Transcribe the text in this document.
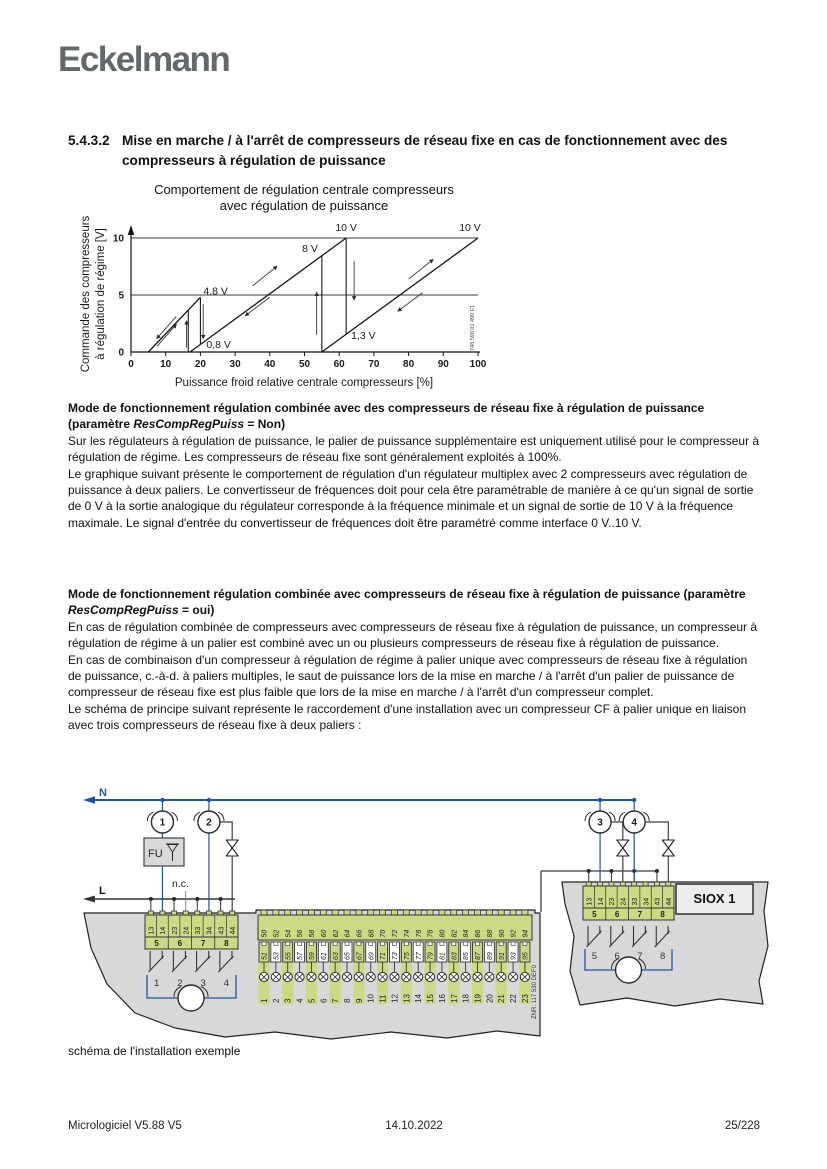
Eckelmann
5.4.3.2 Mise en marche / à l'arrêt de compresseurs de réseau fixe en cas de fonctionnement avec des compresseurs à régulation de puissance
Comportement de régulation centrale compresseurs
avec régulation de puissance
0	10 20 30 40 50 60 70 80 90 100
0
5
10
Puissance froid relative centrale compresseurs [%]
Commande des compresseurs à régulation de régime [V]
10 V	10 V
8 V
4.8 V
0,8 V
1,3 V	748 590 01 490 F1

Mode de fonctionnement régulation combinée avec des compresseurs de réseau fixe à régulation de puissance (paramètre ResCompRegPuiss = Non)

Sur les régulateurs à régulation de puissance, le palier de puissance supplémentaire est uniquement utilisé pour le compresseur à régulation de régime. Les compresseurs de réseau fixe sont généralement exploités à 100%.

Le graphique suivant présente le comportement de régulation d'un régulateur multiplex avec 2 compresseurs avec régulation de puissance à deux paliers. Le convertisseur de fréquences doit pour cela être paramétrable de manière à ce qu'un signal de sortie de 0 V à la sortie analogique du régulateur corresponde à la fréquence minimale et un signal de sortie de 10 V à la fréquence maximale. Le signal d'entrée du convertisseur de fréquences doit être paramétré comme interface 0 V..10 V.

Mode de fonctionnement régulation combinée avec compresseurs de réseau fixe à régulation de puissance (paramètre ResCompRegPuiss = oui)

En cas de régulation combinée de compresseurs avec compresseurs de réseau fixe à régulation de puissance, un compresseur à régulation de régime à un palier est combiné avec un ou plusieurs compresseurs de réseau fixe à régulation de puissance.

En cas de combinaison d'un compresseur à régulation de régime à palier unique avec compresseurs de réseau fixe à régulation de puissance, c.-à-d. à paliers multiples, le saut de puissance lors de la mise en marche / à l'arrêt d'un palier de puissance de compresseur de réseau fixe est plus faible que lors de la mise en marche / à l'arrêt d'un compresseur complet.

Le schéma de principe suivant représente le raccordement d'une installation avec un compresseur CF à palier unique en liaison avec trois compresseurs de réseau fixe à deux paliers :

N
L
n.c.
FU
1	2	3	4
13 14 23 24 33 34 43 44
5 6 7 8
13 14 23 24 33 34 43 44
5 6 7 8
1 2 3 4
5 6 7 8
SIOX 1
50 52 54 56 58 60 62 64 66 68 70 72 74 76 78 80 82 84 86 88 90 92 94
51
1
53
2
55
3
57
4
59
5
61
6
63
7
65
8
67
9
69
10
71
11
73
12
75
13
77
14
79
15
81
16
83
17
85
18
87
19
89
20
91
21
93
22
95
23 ZNR. 117 530 DEF0
schéma de l'installation exemple
Micrologiciel V5.88 V5	14.10.2022	25/228
